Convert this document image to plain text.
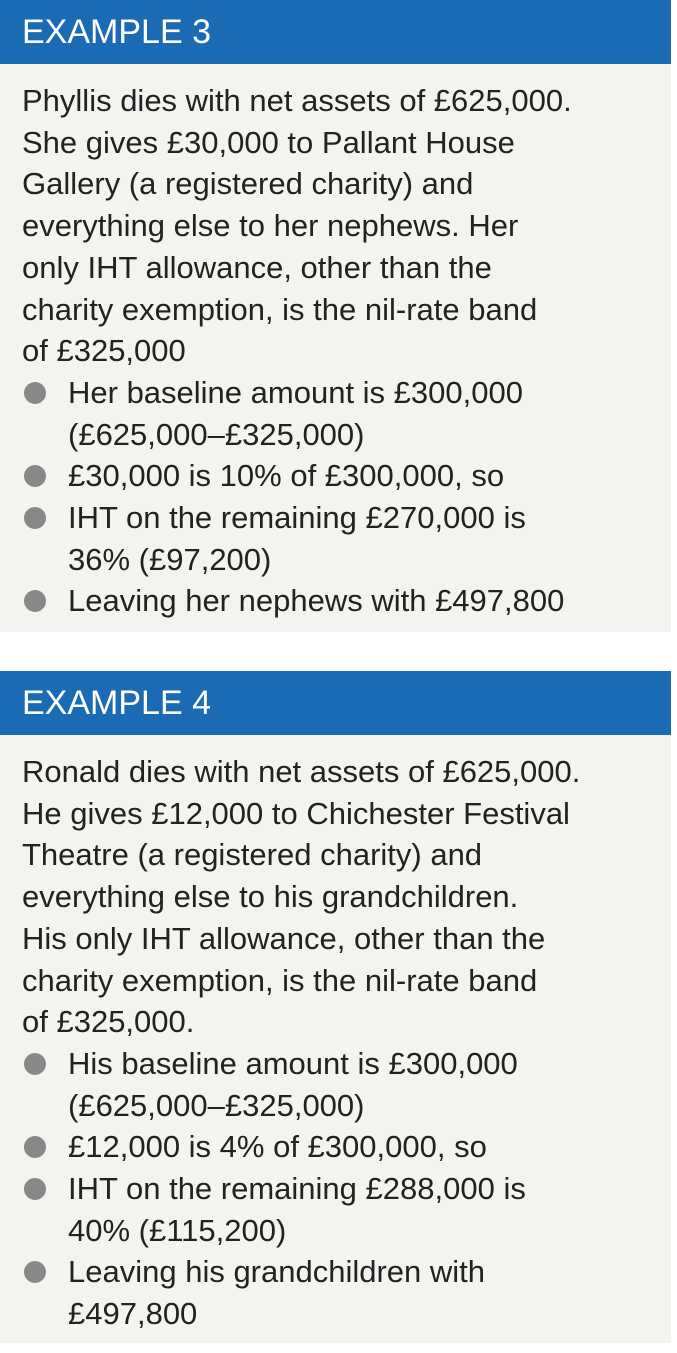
EXAMPLE 3

Phyllis dies with net assets of £625,000.
She gives £30,000 to Pallant House
Gallery (a registered charity) and
everything else to her nephews. Her
only IHT allowance, other than the
charity exemption, is the nil-rate band
of £325,000

Her baseline amount is £300,000
(£625,000–£325,000)
£30,000 is 10% of £300,000, so
IHT on the remaining £270,000 is
36% (£97,200)
Leaving her nephews with £497,800
EXAMPLE 4

Ronald dies with net assets of £625,000.
He gives £12,000 to Chichester Festival
Theatre (a registered charity) and
everything else to his grandchildren.
His only IHT allowance, other than the
charity exemption, is the nil-rate band
of £325,000.

His baseline amount is £300,000
(£625,000–£325,000)
£12,000 is 4% of £300,000, so
IHT on the remaining £288,000 is
40% (£115,200)
Leaving his grandchildren with
£497,800
